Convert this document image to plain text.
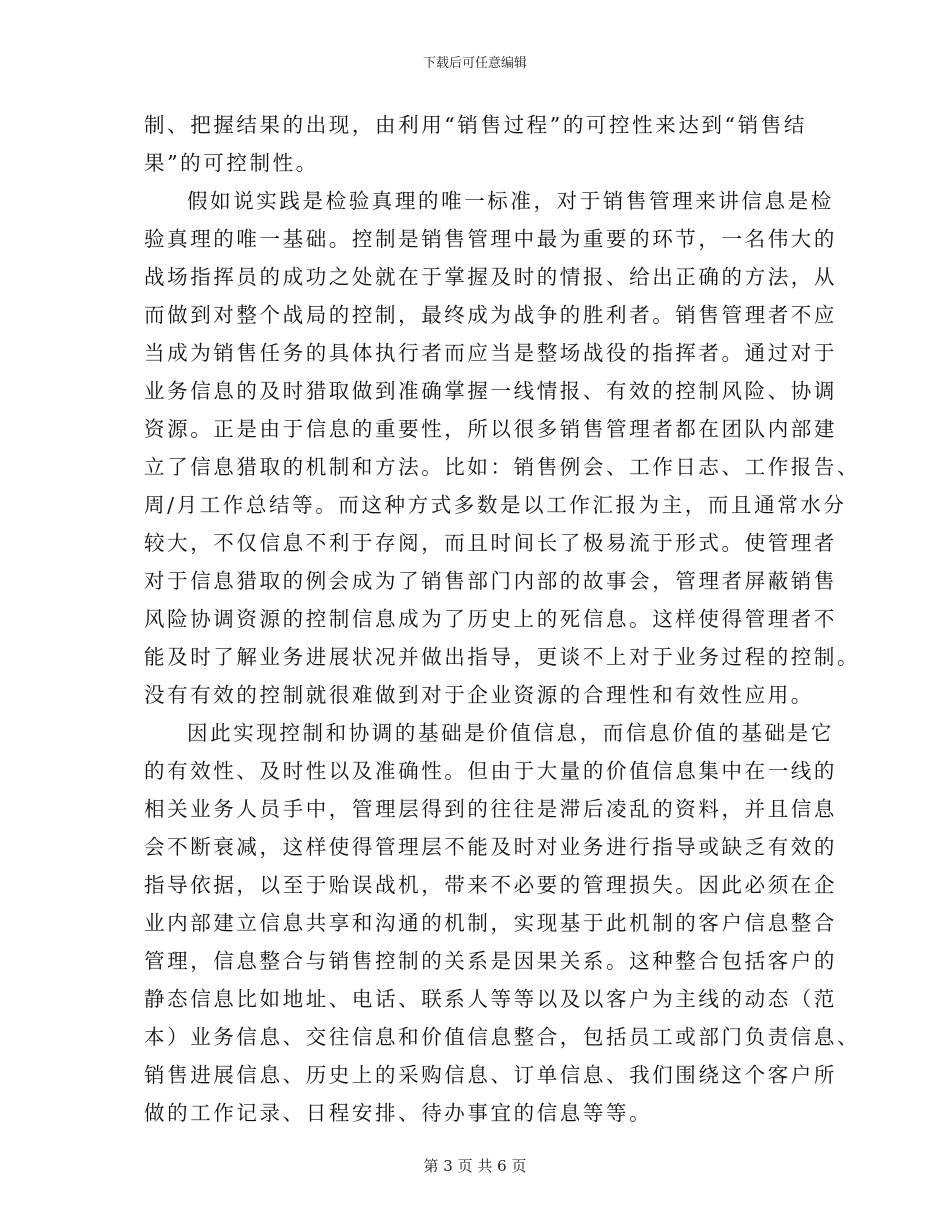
下载后可任意编辑
制、把握结果的出现，由利用“销售过程”的可控性来达到“销售结
果”的可控制性。
假如说实践是检验真理的唯一标准，对于销售管理来讲信息是检
验真理的唯一基础。控制是销售管理中最为重要的环节，一名伟大的
战场指挥员的成功之处就在于掌握及时的情报、给出正确的方法，从
而做到对整个战局的控制，最终成为战争的胜利者。销售管理者不应
当成为销售任务的具体执行者而应当是整场战役的指挥者。通过对于
业务信息的及时猎取做到准确掌握一线情报、有效的控制风险、协调
资源。正是由于信息的重要性，所以很多销售管理者都在团队内部建
立了信息猎取的机制和方法。比如：销售例会、工作日志、工作报告、
周/月工作总结等。而这种方式多数是以工作汇报为主，而且通常水分
较大，不仅信息不利于存阅，而且时间长了极易流于形式。使管理者
对于信息猎取的例会成为了销售部门内部的故事会，管理者屏蔽销售
风险协调资源的控制信息成为了历史上的死信息。这样使得管理者不
能及时了解业务进展状况并做出指导，更谈不上对于业务过程的控制。
没有有效的控制就很难做到对于企业资源的合理性和有效性应用。
因此实现控制和协调的基础是价值信息，而信息价值的基础是它
的有效性、及时性以及准确性。但由于大量的价值信息集中在一线的
相关业务人员手中，管理层得到的往往是滞后凌乱的资料，并且信息
会不断衰减，这样使得管理层不能及时对业务进行指导或缺乏有效的
指导依据，以至于贻误战机，带来不必要的管理损失。因此必须在企
业内部建立信息共享和沟通的机制，实现基于此机制的客户信息整合
管理，信息整合与销售控制的关系是因果关系。这种整合包括客户的
静态信息比如地址、电话、联系人等等以及以客户为主线的动态（范
本）业务信息、交往信息和价值信息整合，包括员工或部门负责信息、
销售进展信息、历史上的采购信息、订单信息、我们围绕这个客户所
做的工作记录、日程安排、待办事宜的信息等等。
第 3 页 共 6 页
